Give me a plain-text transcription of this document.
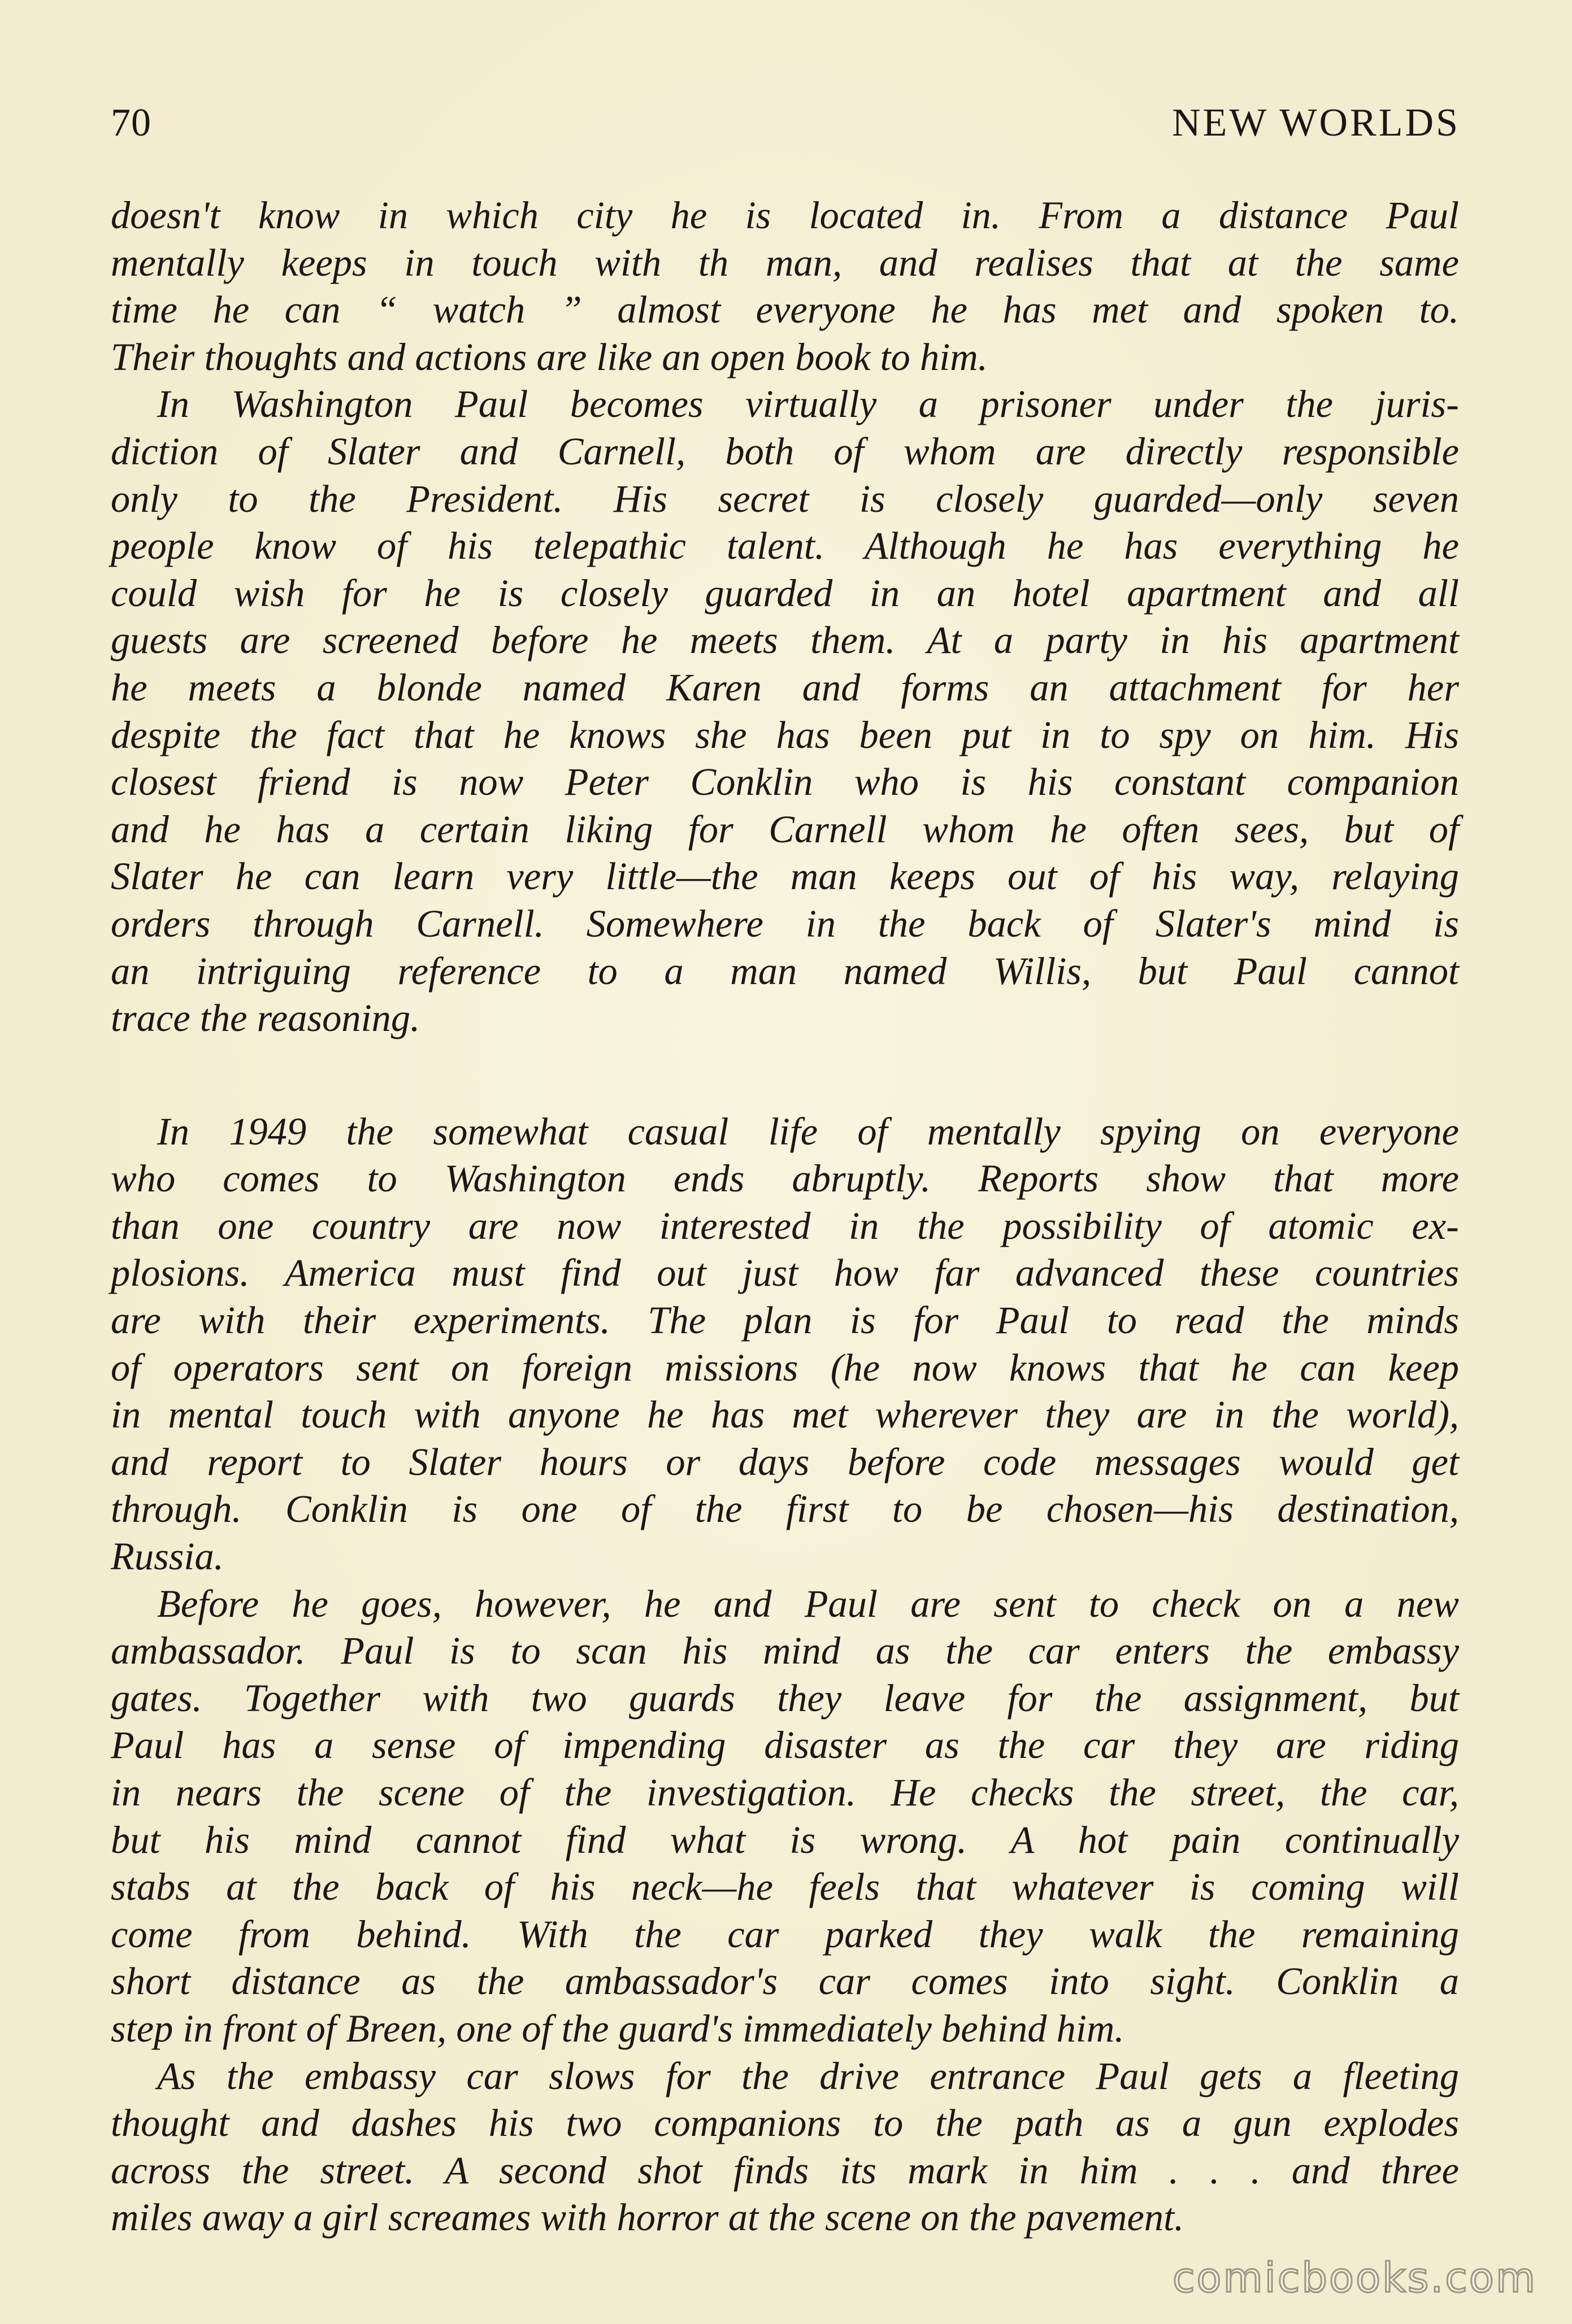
70	NEW WORLDS
doesn't know in which city he is located in. From a distance Paul
mentally keeps in touch with th man, and realises that at the same
time he can “ watch ” almost everyone he has met and spoken to.
Their thoughts and actions are like an open book to him.
In Washington Paul becomes virtually a prisoner under the juris-
diction of Slater and Carnell, both of whom are directly responsible
only to the President. His secret is closely guarded—only seven
people know of his telepathic talent. Although he has everything he
could wish for he is closely guarded in an hotel apartment and all
guests are screened before he meets them. At a party in his apartment
he meets a blonde named Karen and forms an attachment for her
despite the fact that he knows she has been put in to spy on him. His
closest friend is now Peter Conklin who is his constant companion
and he has a certain liking for Carnell whom he often sees, but of
Slater he can learn very little—the man keeps out of his way, relaying
orders through Carnell. Somewhere in the back of Slater's mind is
an intriguing reference to a man named Willis, but Paul cannot
trace the reasoning.
In 1949 the somewhat casual life of mentally spying on everyone
who comes to Washington ends abruptly. Reports show that more
than one country are now interested in the possibility of atomic ex-
plosions. America must find out just how far advanced these countries
are with their experiments. The plan is for Paul to read the minds
of operators sent on foreign missions (he now knows that he can keep
in mental touch with anyone he has met wherever they are in the world),
and report to Slater hours or days before code messages would get
through. Conklin is one of the first to be chosen—his destination,
Russia.
Before he goes, however, he and Paul are sent to check on a new
ambassador. Paul is to scan his mind as the car enters the embassy
gates. Together with two guards they leave for the assignment, but
Paul has a sense of impending disaster as the car they are riding
in nears the scene of the investigation. He checks the street, the car,
but his mind cannot find what is wrong. A hot pain continually
stabs at the back of his neck—he feels that whatever is coming will
come from behind. With the car parked they walk the remaining
short distance as the ambassador's car comes into sight. Conklin a
step in front of Breen, one of the guard's immediately behind him.
As the embassy car slows for the drive entrance Paul gets a fleeting
thought and dashes his two companions to the path as a gun explodes
across the street. A second shot finds its mark in him . . . and three
miles away a girl screames with horror at the scene on the pavement.
comicbooks.com
